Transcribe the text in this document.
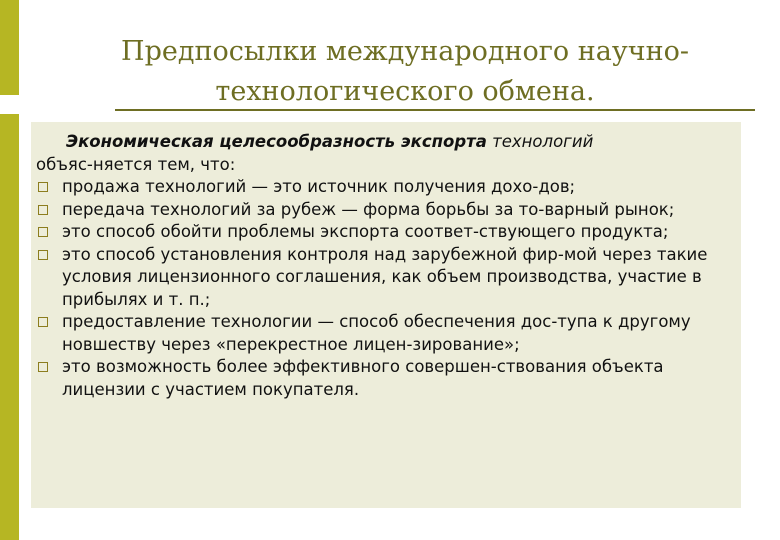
Предпосылки международного научно-
технологического обмена.

Экономическая целесообразность экспорта технологий
объяс-няется тем, что:

продажа технологий — это источник получения дохо-дов;
передача технологий за рубеж — форма борьбы за то-варный рынок;
это способ обойти проблемы экспорта соответ-ствующего продукта;
это способ установления контроля над зарубежной фир-мой через такие условия лицензионного соглашения, как объем производства, участие в прибылях и т. п.;
предоставление технологии — способ обеспечения дос-тупа к другому новшеству через «перекрестное лицен-зирование»;
это возможность более эффективного совершен-ствования объекта лицензии с участием покупателя.
